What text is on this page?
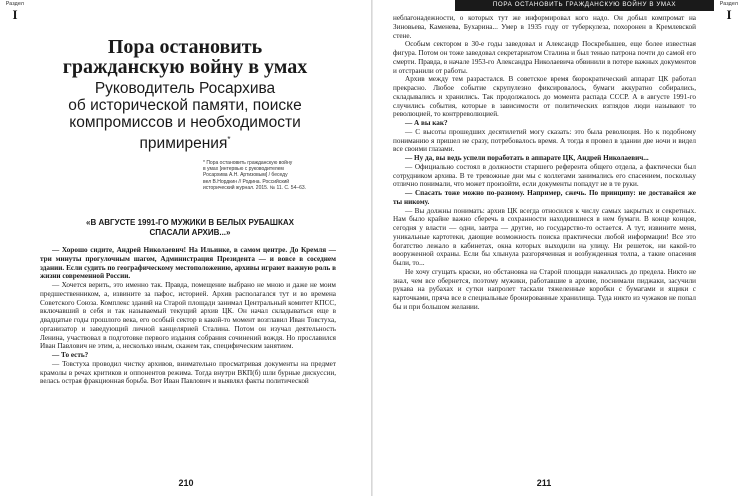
Раздел
I
Пора остановить
гражданскую войну в умах
Руководитель Росархива
об исторической памяти, поиске
компромиссов и необходимости
примирения*
* Пора остановить гражданскую войну
в умах [интервью с руководителем
Росархива А.Н. Артизовым] / беседу
вел В.Нордкин // Родина. Российский
исторический журнал. 2015. № 11. С. 54–63.
«В АВГУСТЕ 1991-ГО МУЖИКИ В БЕЛЫХ РУБАШКАХ
СПАСАЛИ АРХИВ...»

— Хорошо сидите, Андрей Николаевич! На Ильинке, в самом центре. До Кремля — три минуты прогулочным шагом, Администрация Президента — и вовсе в соседнем здании. Если судить по географическому местоположению, архивы играют важную роль в жизни современной России.

— Хочется верить, это именно так. Правда, помещение выбрано не мною и даже не моим предшественником, а, извините за пафос, историей. Архив располагался тут и во времена Советского Союза. Комплекс зданий на Старой площади занимал Центральный комитет КПСС, включавший в себя и так называемый текущий архив ЦК. Он начал складываться еще в двадцатые годы прошлого века, его особый сектор в какой-то момент возглавил Иван Товстуха, организатор и заведующий личной канцелярией Сталина. Потом он изучал деятельность Ленина, участвовал в подготовке первого издания собрания сочинений вождя. Но прославился Иван Павлович не этим, а, несколько иным, скажем так, специфическим занятием.

— То есть?

— Товстуха проводил чистку архивов, внимательно просматривая документы на предмет крамолы в речах критиков и оппонентов режима. Тогда внутри ВКП(б) шли бурные дискуссии, велась острая фракционная борьба. Вот Иван Павлович и выявлял факты политической

210
ПОРА ОСТАНОВИТЬ ГРАЖДАНСКУЮ ВОЙНУ В УМАХ	Раздел
I

неблагонадежности, о которых тут же информировал кого надо. Он добыл компромат на Зиновьева, Каменева, Бухарина... Умер в 1935 году от туберкулеза, похоронен в Кремлевской стене.

Особым сектором в 30-е годы заведовал и Александр Поскребышев, еще более известная фигура. Потом он тоже заведовал секретариатом Сталина и был тенью патрона почти до самой его смерти. Правда, в начале 1953-го Александра Николаевича обвинили в потере важных документов и отстранили от работы.

Архив между тем разрастался. В советское время бюрократический аппарат ЦК работал прекрасно. Любое событие скрупулезно фиксировалось, бумаги аккуратно собирались, складывались и хранились. Так продолжалось до момента распада СССР. А в августе 1991-го случились события, которые в зависимости от политических взглядов люди называют то революцией, то контрреволюцией.

— А вы как?

— С высоты прошедших десятилетий могу сказать: это была революция. Но к подобному пониманию я пришел не сразу, потребовалось время. А тогда я провел в здании две ночи и видел все своими глазами.

— Ну да, вы ведь успели поработать в аппарате ЦК, Андрей Николаевич...

— Официально состоял в должности старшего референта общего отдела, а фактически был сотрудником архива. В те тревожные дни мы с коллегами занимались его спасением, поскольку отлично понимали, что может произойти, если документы попадут не в те руки.

— Спасать тоже можно по-разному. Например, сжечь. По принципу: не доставайся же ты никому.

— Вы должны понимать: архив ЦК всегда относился к числу самых закрытых и секретных. Нам было крайне важно сберечь в сохранности находившиеся в нем бумаги. В конце концов, сегодня у власти — одни, завтра — другие, но государство-то остается. А тут, извините меня, уникальные картотеки, дающие возможность поиска практически любой информации! Все это богатство лежало в кабинетах, окна которых выходили на улицу. Ни решеток, ни какой-то вооруженной охраны. Если бы хлынула разгоряченная и возбужденная толпа, а такие опасения были, то...

Не хочу сгущать краски, но обстановка на Старой площади накалилась до предела. Никто не знал, чем все обернется, поэтому мужики, работавшие в архиве, поснимали пиджаки, засучили рукава на рубахах и сутки напролет таскали тяжеленные коробки с бумагами и ящики с карточками, пряча все в специальные бронированные хранилища. Туда никто из чужаков не попал бы и при большом желании.

211
